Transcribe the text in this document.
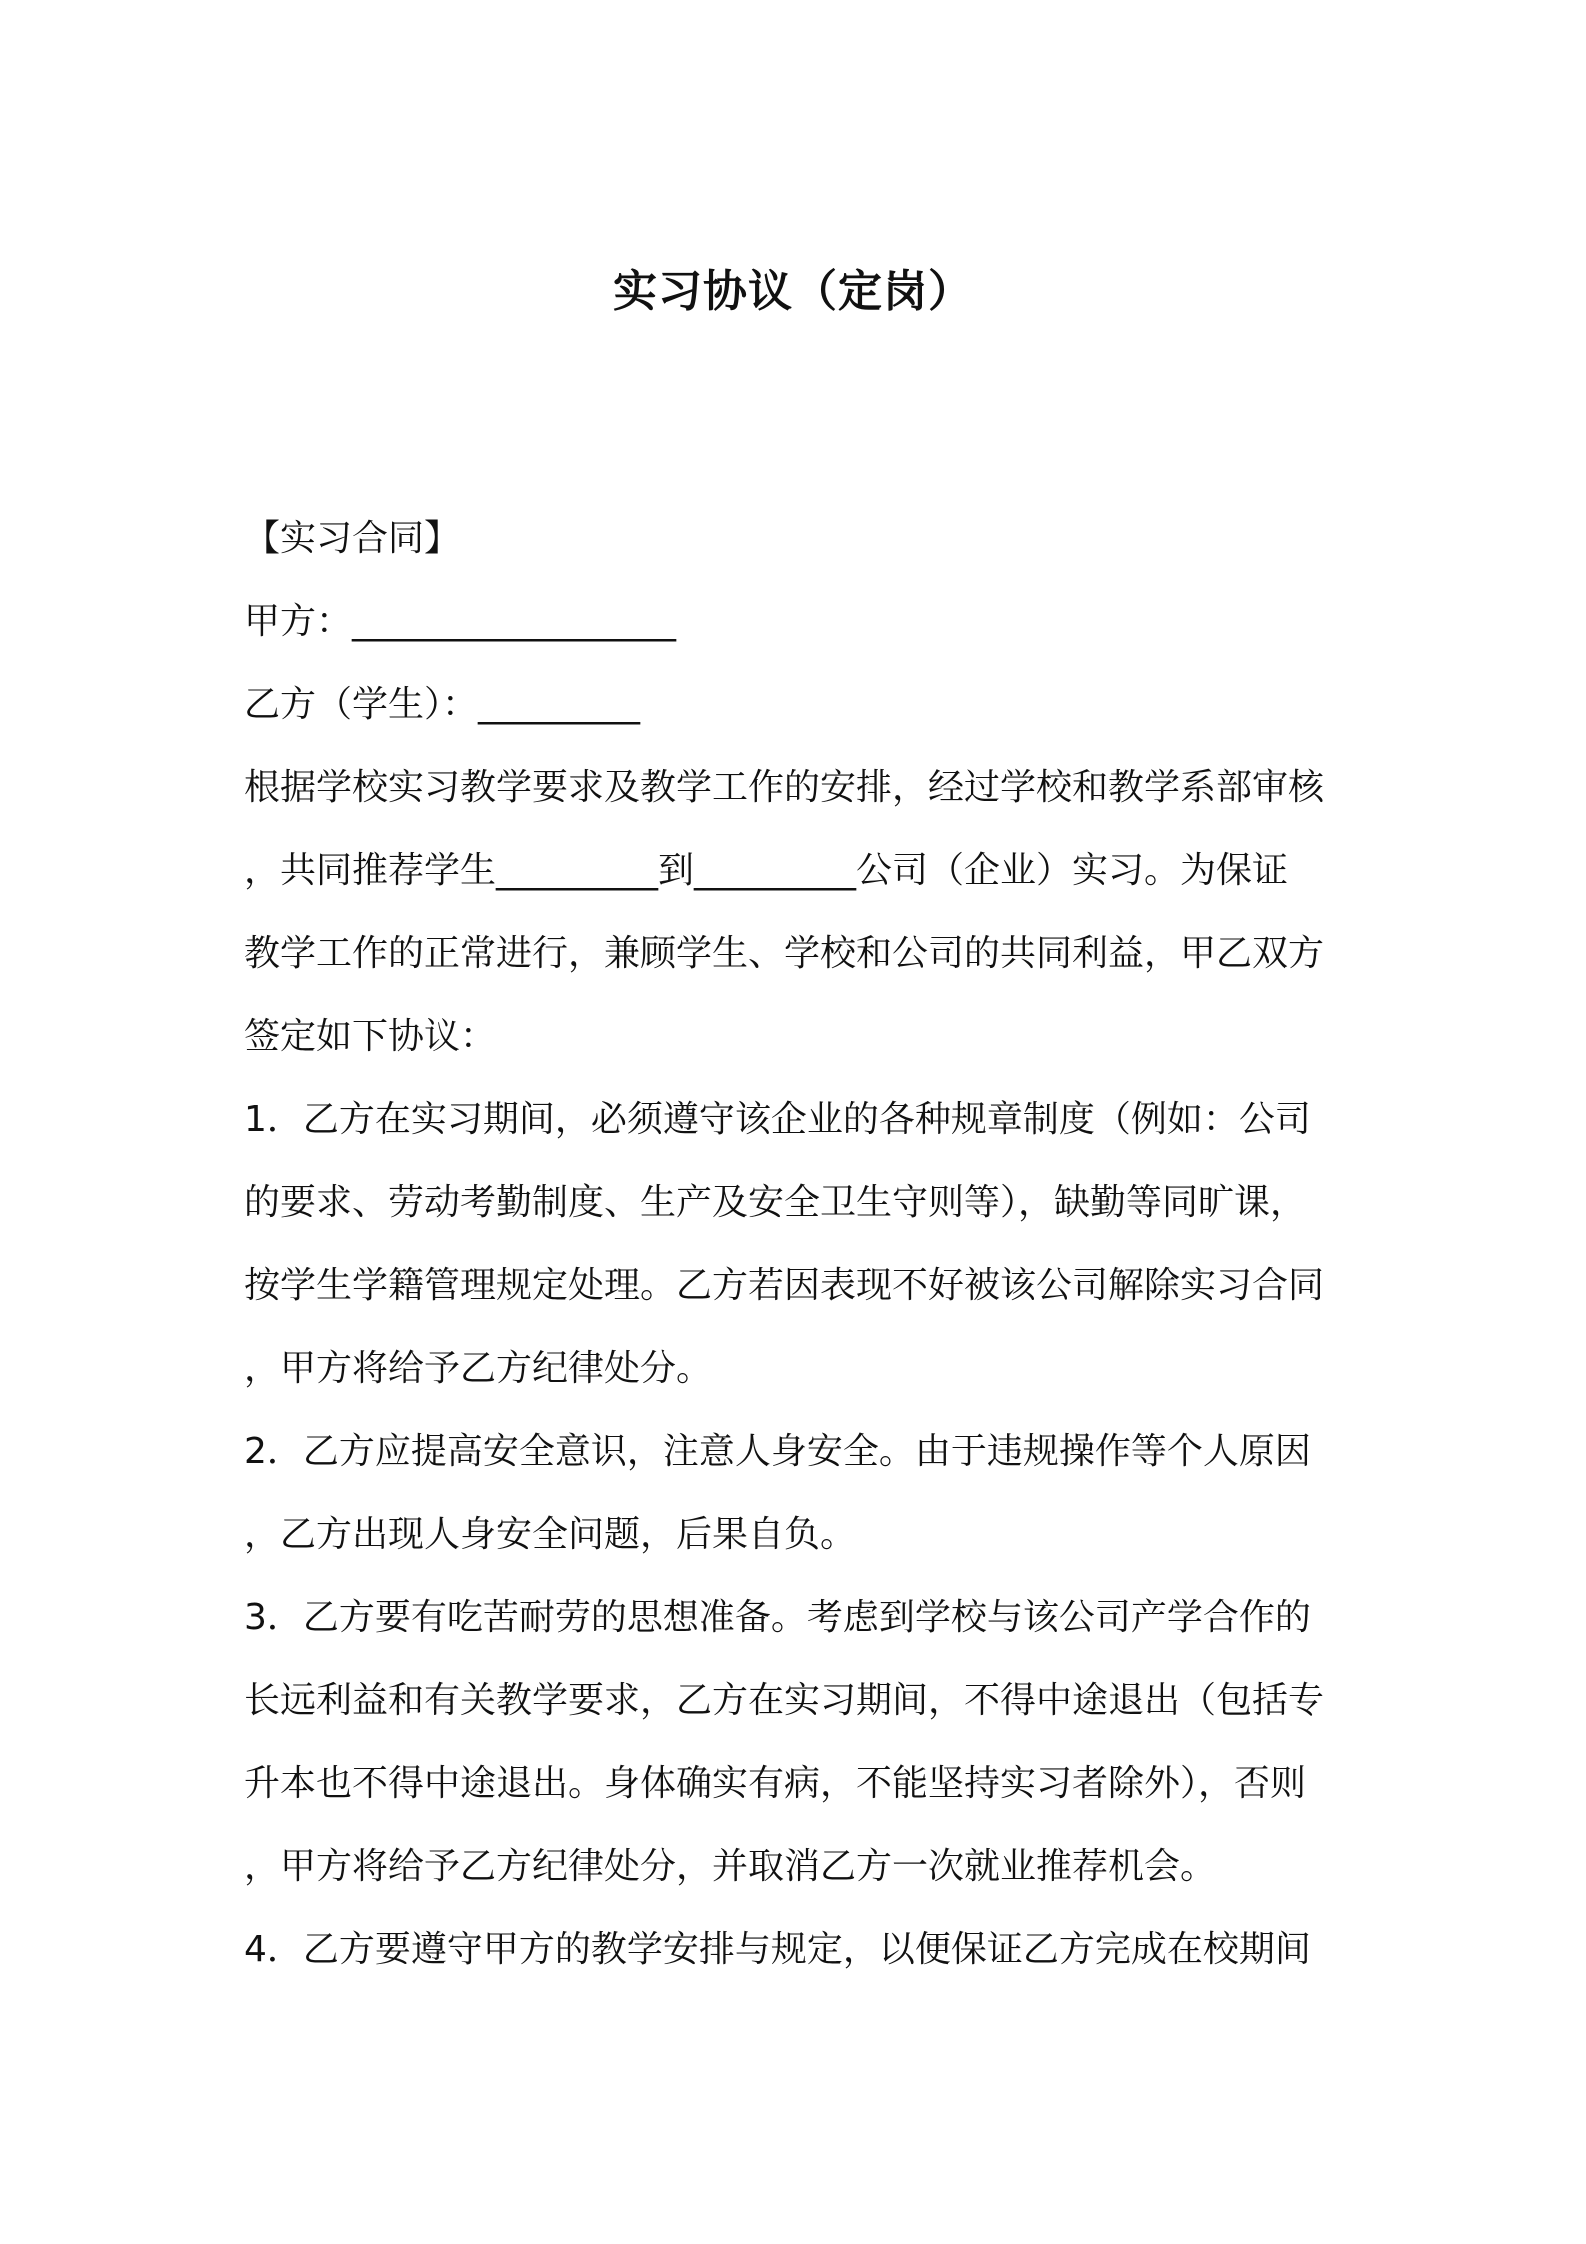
实习协议（定岗）
【实习合同】
甲方：__________________
乙方（学生）：_________
根据学校实习教学要求及教学工作的安排，经过学校和教学系部审核
，共同推荐学生_________到_________公司（企业）实习。为保证
教学工作的正常进行，兼顾学生、学校和公司的共同利益，甲乙双方
签定如下协议：
1．乙方在实习期间，必须遵守该企业的各种规章制度（例如：公司
的要求、劳动考勤制度、生产及安全卫生守则等），缺勤等同旷课，
按学生学籍管理规定处理。乙方若因表现不好被该公司解除实习合同
，甲方将给予乙方纪律处分。
2．乙方应提高安全意识，注意人身安全。由于违规操作等个人原因
，乙方出现人身安全问题，后果自负。
3．乙方要有吃苦耐劳的思想准备。考虑到学校与该公司产学合作的
长远利益和有关教学要求，乙方在实习期间，不得中途退出（包括专
升本也不得中途退出。身体确实有病，不能坚持实习者除外），否则
，甲方将给予乙方纪律处分，并取消乙方一次就业推荐机会。
4．乙方要遵守甲方的教学安排与规定，以便保证乙方完成在校期间
